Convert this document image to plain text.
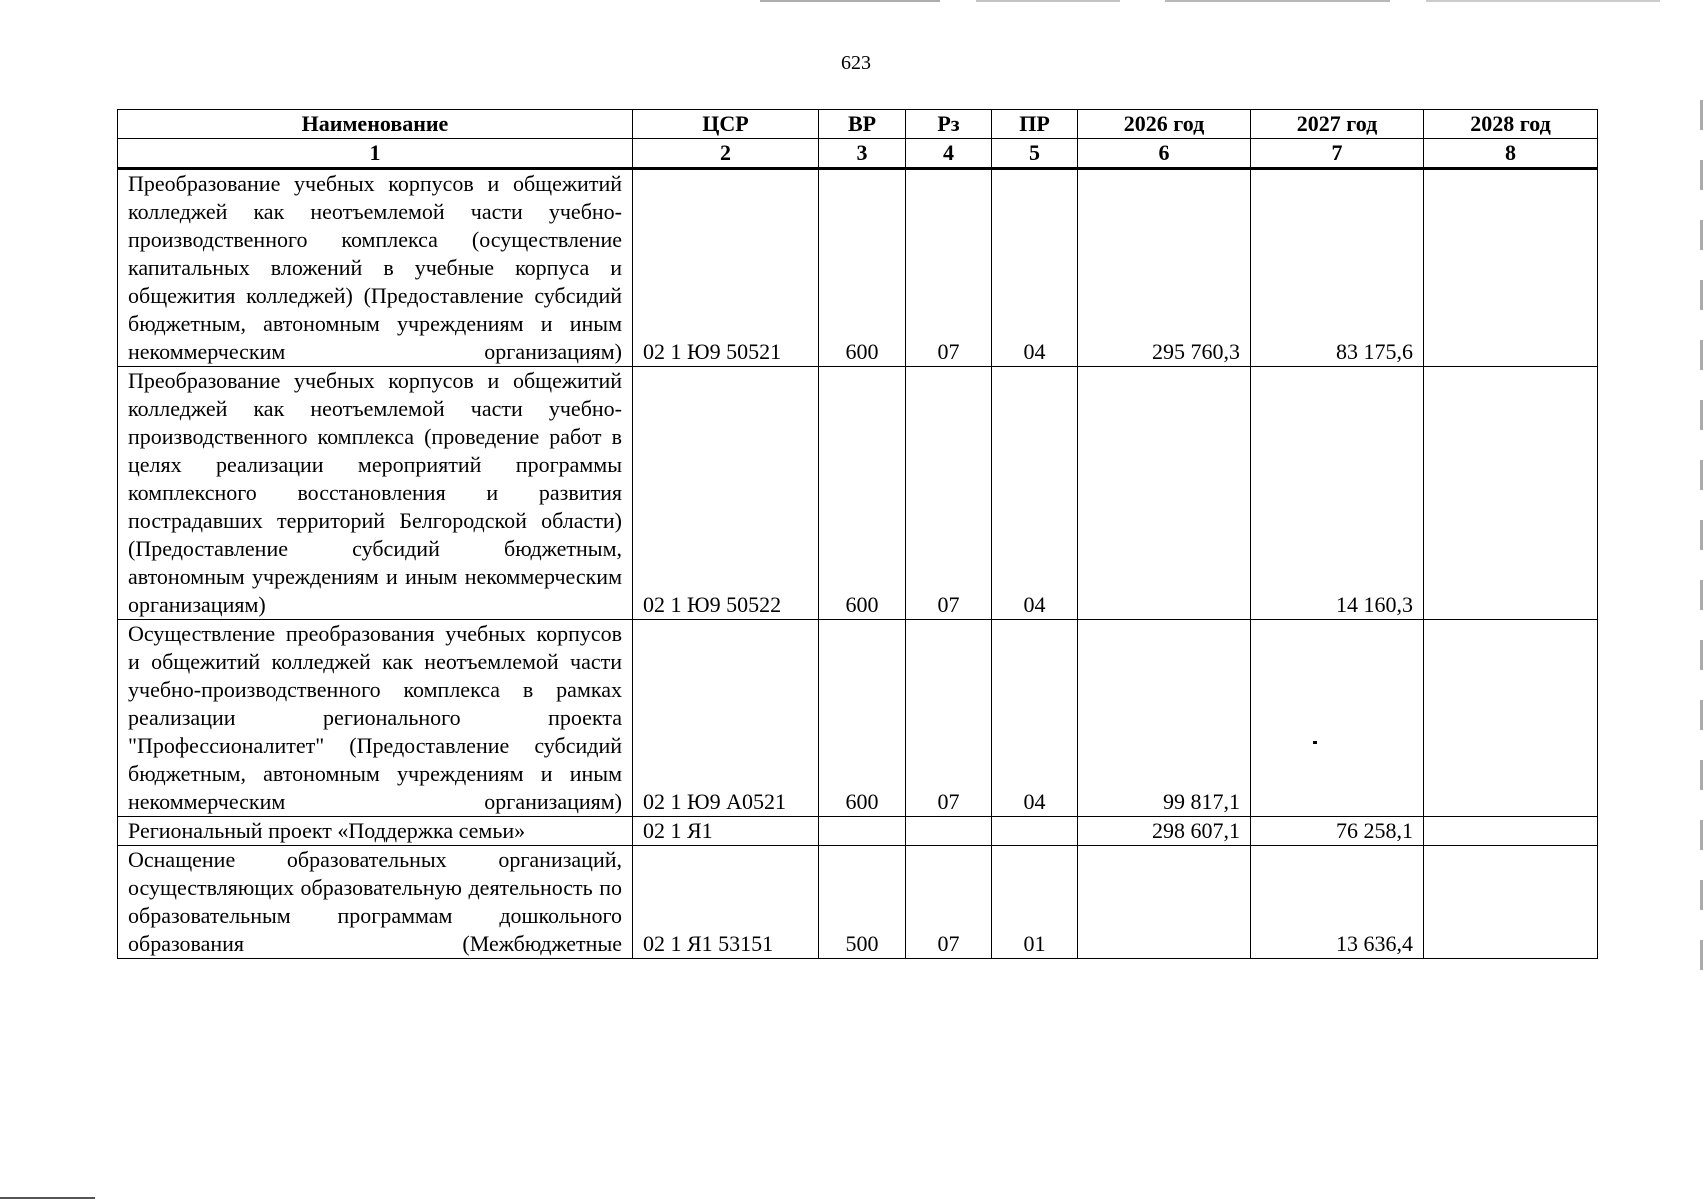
623
Наименование	ЦСР	ВР	Рз	ПР	2026 год	2027 год	2028 год
1	2	3	4	5	6	7	8
Преобразование учебных корпусов и общежитий колледжей как неотъемлемой части учебно-производственного комплекса (осуществление капитальных вложений в учебные корпуса и общежития колледжей) (Предоставление субсидий бюджетным, автономным учреждениям и иным некоммерческим организациям)	02 1 Ю9 50521	600	07	04	295 760,3	83 175,6	
Преобразование учебных корпусов и общежитий колледжей как неотъемлемой части учебно-производственного комплекса (проведение работ в целях реализации мероприятий программы комплексного восстановления и развития пострадавших территорий Белгородской области) (Предоставление субсидий бюджетным, автономным учреждениям и иным некоммерческим организациям)	02 1 Ю9 50522	600	07	04		14 160,3	
Осуществление преобразования учебных корпусов и общежитий колледжей как неотъемлемой части учебно-производственного комплекса в рамках реализации регионального проекта "Профессионалитет" (Предоставление субсидий бюджетным, автономным учреждениям и иным некоммерческим организациям)	02 1 Ю9 А0521	600	07	04	99 817,1		
Региональный проект «Поддержка семьи»	02 1 Я1				298 607,1	76 258,1	
Оснащение образовательных организаций, осуществляющих образовательную деятельность по образовательным программам дошкольного образования (Межбюджетные	02 1 Я1 53151	500	07	01		13 636,4	
